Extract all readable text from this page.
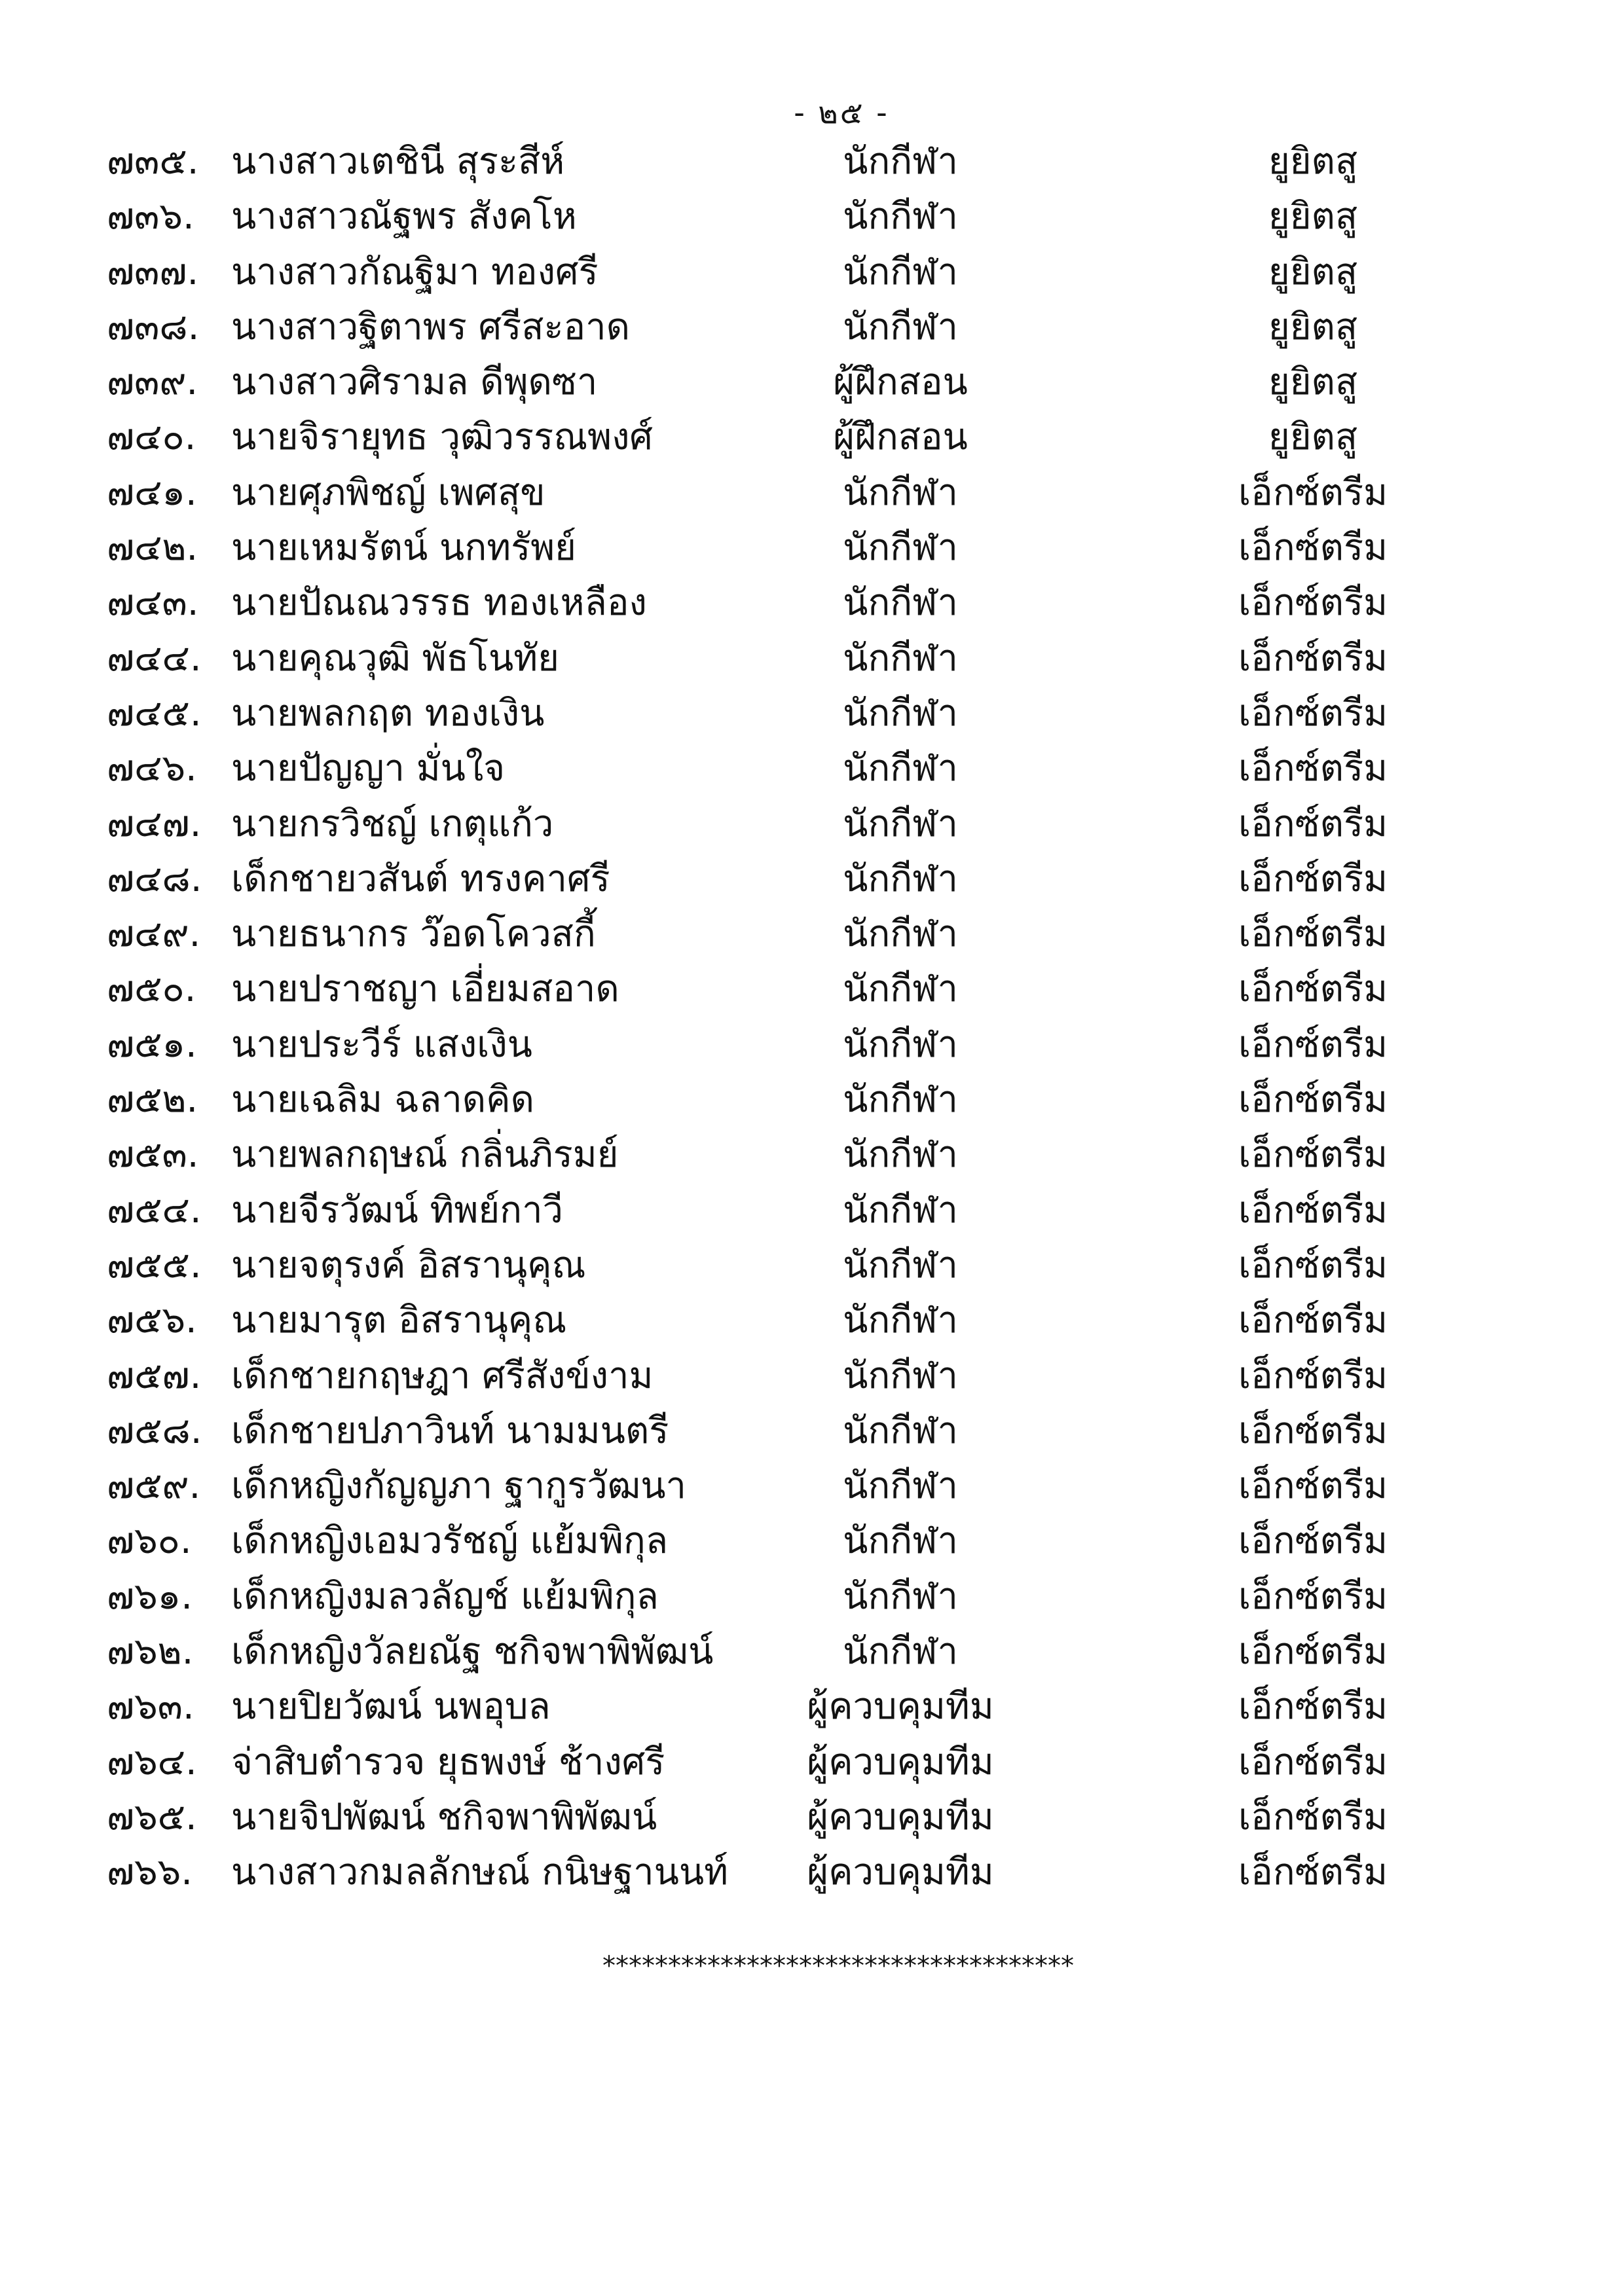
- ๒๕ -
๗๓๕. นางสาวเตชินี สุระสีห์	นักกีฬา	ยูยิตสู
๗๓๖. นางสาวณัฐพร สังคโห	นักกีฬา	ยูยิตสู
๗๓๗. นางสาวกัณฐิมา ทองศรี	นักกีฬา	ยูยิตสู
๗๓๘. นางสาวฐิตาพร ศรีสะอาด	นักกีฬา	ยูยิตสู
๗๓๙. นางสาวศิรามล ดีพุดซา	ผู้ฝึกสอน	ยูยิตสู
๗๔๐. นายจิรายุทธ วุฒิวรรณพงศ์	ผู้ฝึกสอน	ยูยิตสู
๗๔๑. นายศุภพิชญ์ เพศสุข	นักกีฬา	เอ็กซ์ตรีม
๗๔๒. นายเหมรัตน์ นกทรัพย์	นักกีฬา	เอ็กซ์ตรีม
๗๔๓. นายปัณณวรรธ ทองเหลือง	นักกีฬา	เอ็กซ์ตรีม
๗๔๔. นายคุณวุฒิ พัธโนทัย	นักกีฬา	เอ็กซ์ตรีม
๗๔๕. นายพลกฤต ทองเงิน	นักกีฬา	เอ็กซ์ตรีม
๗๔๖. นายปัญญา มั่นใจ	นักกีฬา	เอ็กซ์ตรีม
๗๔๗. นายกรวิชญ์ เกตุแก้ว	นักกีฬา	เอ็กซ์ตรีม
๗๔๘. เด็กชายวสันต์ ทรงคาศรี	นักกีฬา	เอ็กซ์ตรีม
๗๔๙. นายธนากร ว๊อดโควสกี้	นักกีฬา	เอ็กซ์ตรีม
๗๕๐. นายปราชญา เอี่ยมสอาด	นักกีฬา	เอ็กซ์ตรีม
๗๕๑. นายประวีร์ แสงเงิน	นักกีฬา	เอ็กซ์ตรีม
๗๕๒. นายเฉลิม ฉลาดคิด	นักกีฬา	เอ็กซ์ตรีม
๗๕๓. นายพลกฤษณ์ กลิ่นภิรมย์	นักกีฬา	เอ็กซ์ตรีม
๗๕๔. นายจีรวัฒน์ ทิพย์กาวี	นักกีฬา	เอ็กซ์ตรีม
๗๕๕. นายจตุรงค์ อิสรานุคุณ	นักกีฬา	เอ็กซ์ตรีม
๗๕๖. นายมารุต อิสรานุคุณ	นักกีฬา	เอ็กซ์ตรีม
๗๕๗. เด็กชายกฤษฎา ศรีสังข์งาม	นักกีฬา	เอ็กซ์ตรีม
๗๕๘. เด็กชายปภาวินท์ นามมนตรี	นักกีฬา	เอ็กซ์ตรีม
๗๕๙. เด็กหญิงกัญญภา ฐากูรวัฒนา	นักกีฬา	เอ็กซ์ตรีม
๗๖๐. เด็กหญิงเอมวรัชญ์ แย้มพิกุล	นักกีฬา	เอ็กซ์ตรีม
๗๖๑. เด็กหญิงมลวลัญช์ แย้มพิกุล	นักกีฬา	เอ็กซ์ตรีม
๗๖๒. เด็กหญิงวัลยณัฐ ชกิจพาพิพัฒน์	นักกีฬา	เอ็กซ์ตรีม
๗๖๓. นายปิยวัฒน์ นพอุบล	ผู้ควบคุมทีม	เอ็กซ์ตรีม
๗๖๔. จ่าสิบตำรวจ ยุธพงษ์ ช้างศรี	ผู้ควบคุมทีม	เอ็กซ์ตรีม
๗๖๕. นายจิปพัฒน์ ชกิจพาพิพัฒน์	ผู้ควบคุมทีม	เอ็กซ์ตรีม
๗๖๖. นางสาวกมลลักษณ์ กนิษฐานนท์	ผู้ควบคุมทีม	เอ็กซ์ตรีม
************************************
